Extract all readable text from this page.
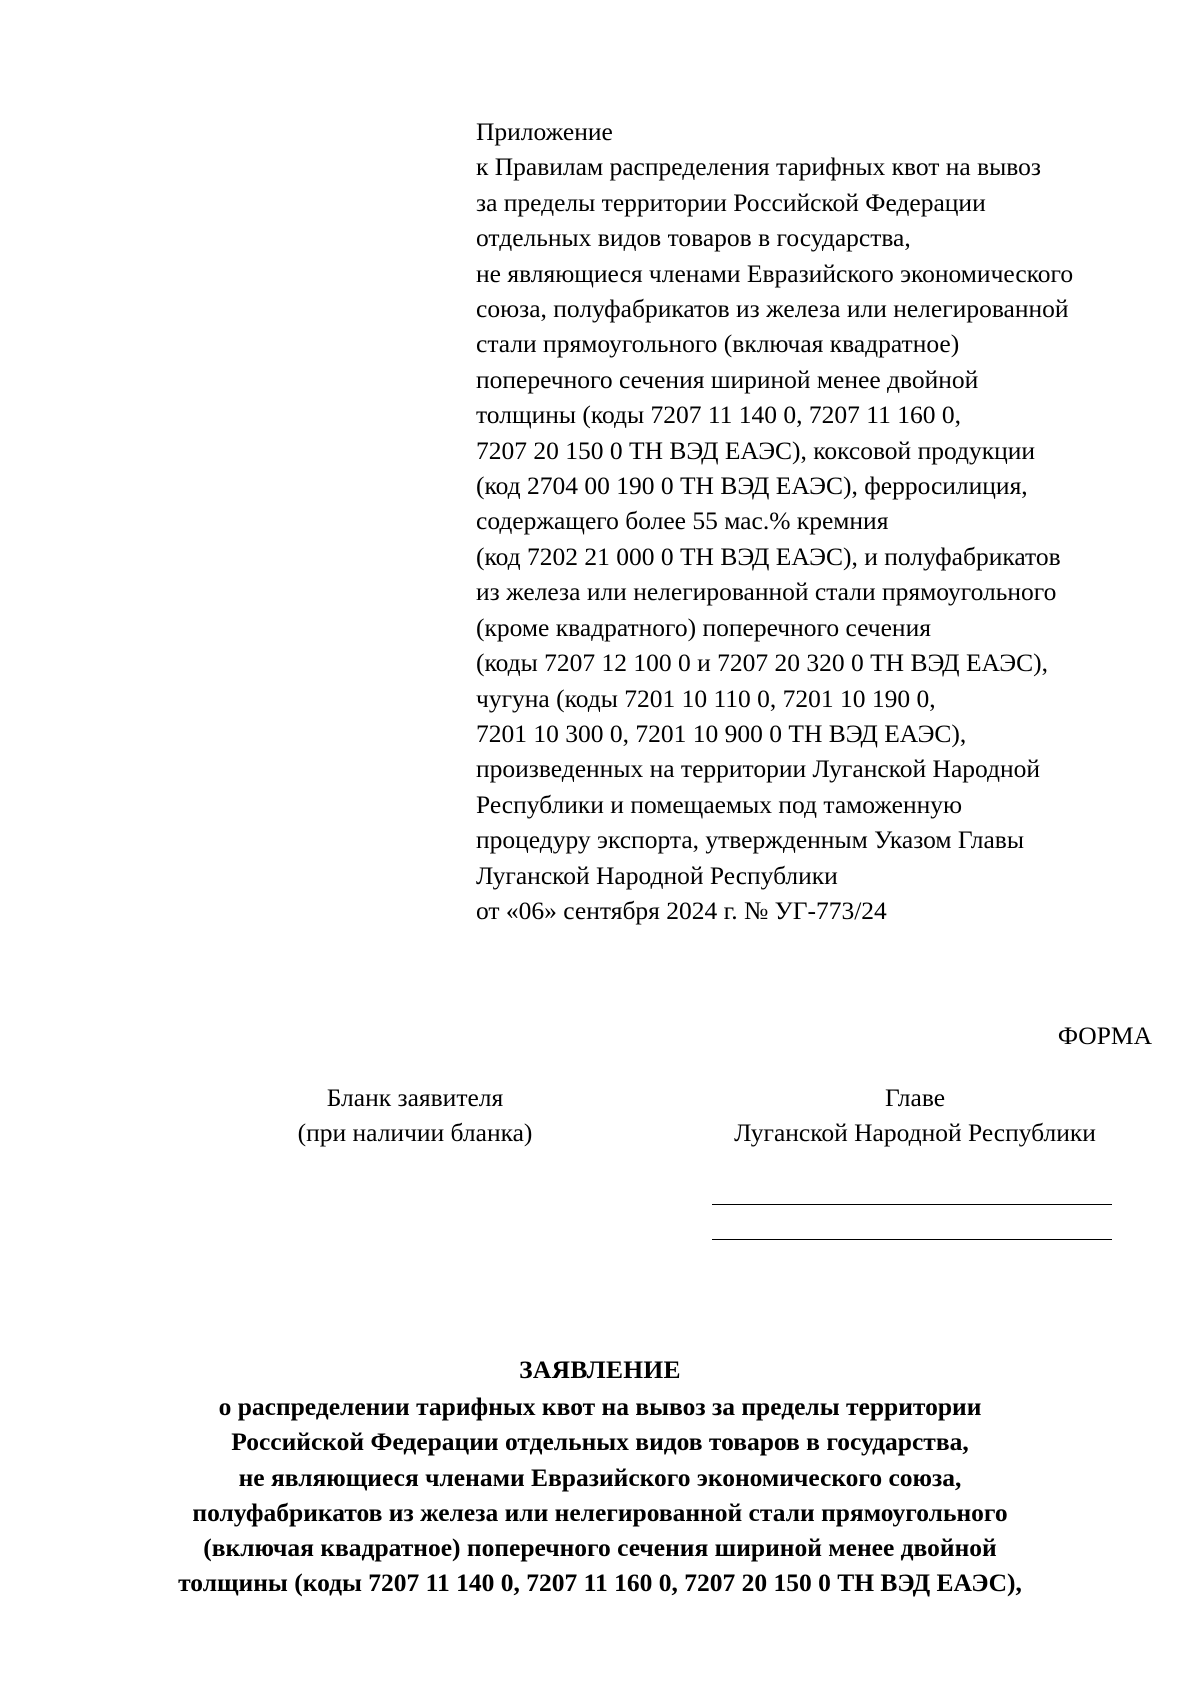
Приложение
к Правилам распределения тарифных квот на вывоз
за пределы территории Российской Федерации
отдельных видов товаров в государства,
не являющиеся членами Евразийского экономического
союза, полуфабрикатов из железа или нелегированной
стали прямоугольного (включая квадратное)
поперечного сечения шириной менее двойной
толщины (коды 7207 11 140 0, 7207 11 160 0,
7207 20 150 0 ТН ВЭД ЕАЭС), коксовой продукции
(код 2704 00 190 0 ТН ВЭД ЕАЭС), ферросилиция,
содержащего более 55 мас.% кремния
(код 7202 21 000 0 ТН ВЭД ЕАЭС), и полуфабрикатов
из железа или нелегированной стали прямоугольного
(кроме квадратного) поперечного сечения
(коды 7207 12 100 0 и 7207 20 320 0 ТН ВЭД ЕАЭС),
чугуна (коды 7201 10 110 0, 7201 10 190 0,
7201 10 300 0, 7201 10 900 0 ТН ВЭД ЕАЭС),
произведенных на территории Луганской Народной
Республики и помещаемых под таможенную
процедуру экспорта, утвержденным Указом Главы
Луганской Народной Республики
от «06» сентября 2024 г. № УГ-773/24
ФОРМА
Бланк заявителя
(при наличии бланка)
Главе
Луганской Народной Республики
ЗАЯВЛЕНИЕ
о распределении тарифных квот на вывоз за пределы территории
Российской Федерации отдельных видов товаров в государства,
не являющиеся членами Евразийского экономического союза,
полуфабрикатов из железа или нелегированной стали прямоугольного
(включая квадратное) поперечного сечения шириной менее двойной
толщины (коды 7207 11 140 0, 7207 11 160 0, 7207 20 150 0 ТН ВЭД ЕАЭС),
